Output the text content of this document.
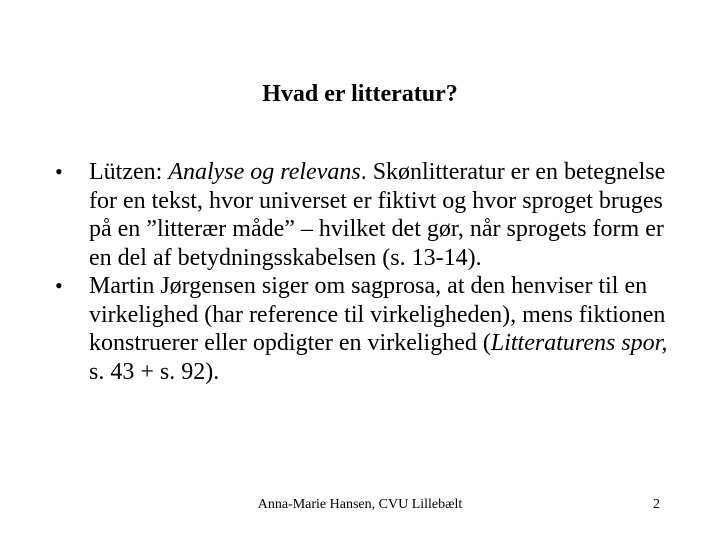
Hvad er litteratur?
•	Lützen: Analyse og relevans. Skønlitteratur er en betegnelse for en tekst, hvor universet er fiktivt og hvor sproget bruges på en ”litterær måde” – hvilket det gør, når sprogets form er en del af betydningsskabelsen (s. 13-14).
•	Martin Jørgensen siger om sagprosa, at den henviser til en virkelighed (har reference til virkeligheden), mens fiktionen konstruerer eller opdigter en virkelighed (Litteraturens spor, s. 43 + s. 92).
Anna-Marie Hansen, CVU Lillebælt	2
